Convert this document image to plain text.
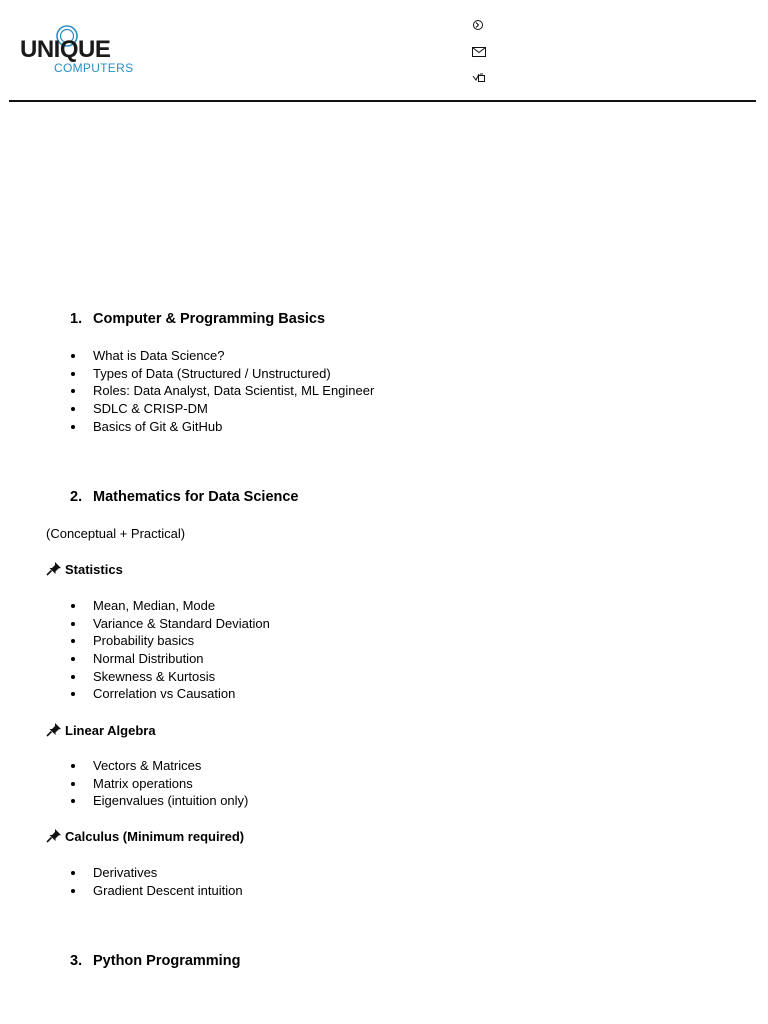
UNIQUE
COMPUTERS
1. Computer & Programming Basics
What is Data Science?
Types of Data (Structured / Unstructured)
Roles: Data Analyst, Data Scientist, ML Engineer
SDLC & CRISP-DM
Basics of Git & GitHub
2. Mathematics for Data Science
(Conceptual + Practical)
Statistics
Mean, Median, Mode
Variance & Standard Deviation
Probability basics
Normal Distribution
Skewness & Kurtosis
Correlation vs Causation
Linear Algebra
Vectors & Matrices
Matrix operations
Eigenvalues (intuition only)
Calculus (Minimum required)
Derivatives
Gradient Descent intuition
3. Python Programming
